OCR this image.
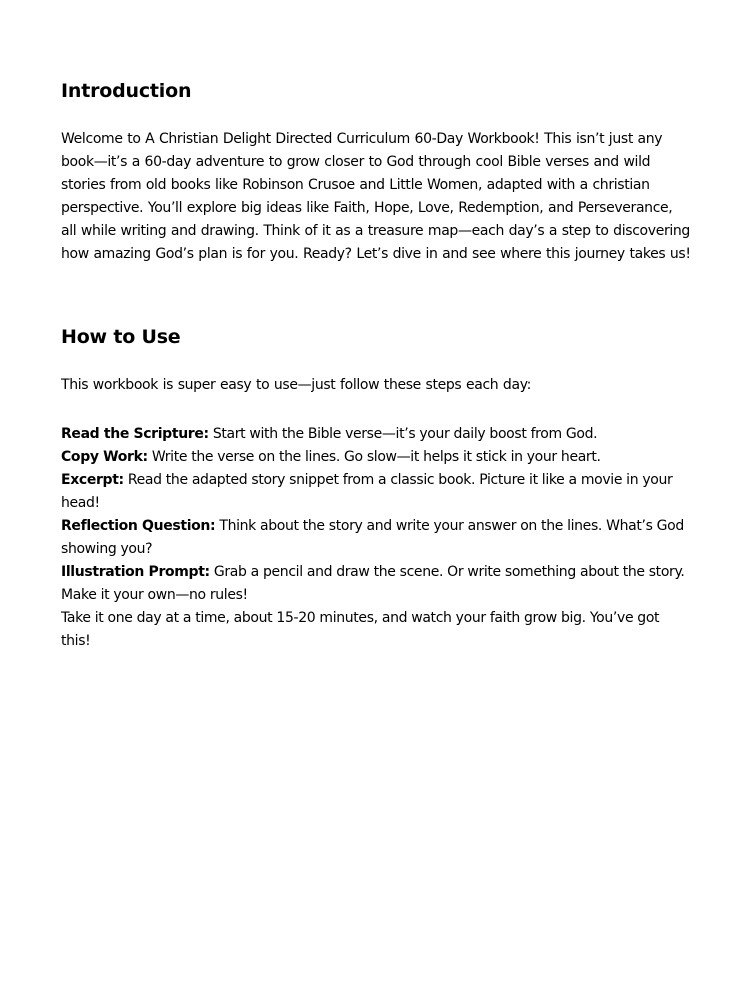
Introduction

Welcome to A Christian Delight Directed Curriculum 60-Day Workbook! This isn’t just any book—it’s a 60-day adventure to grow closer to God through cool Bible verses and wild stories from old books like Robinson Crusoe and Little Women, adapted with a christian perspective. You’ll explore big ideas like Faith, Hope, Love, Redemption, and Perseverance, all while writing and drawing. Think of it as a treasure map—each day’s a step to discovering how amazing God’s plan is for you. Ready? Let’s dive in and see where this journey takes us!

How to Use

This workbook is super easy to use—just follow these steps each day:

Read the Scripture: Start with the Bible verse—it’s your daily boost from God.
Copy Work: Write the verse on the lines. Go slow—it helps it stick in your heart.
Excerpt: Read the adapted story snippet from a classic book. Picture it like a movie in your head!
Reflection Question: Think about the story and write your answer on the lines. What’s God showing you?
Illustration Prompt: Grab a pencil and draw the scene. Or write something about the story. Make it your own—no rules!
Take it one day at a time, about 15-20 minutes, and watch your faith grow big. You’ve got this!
